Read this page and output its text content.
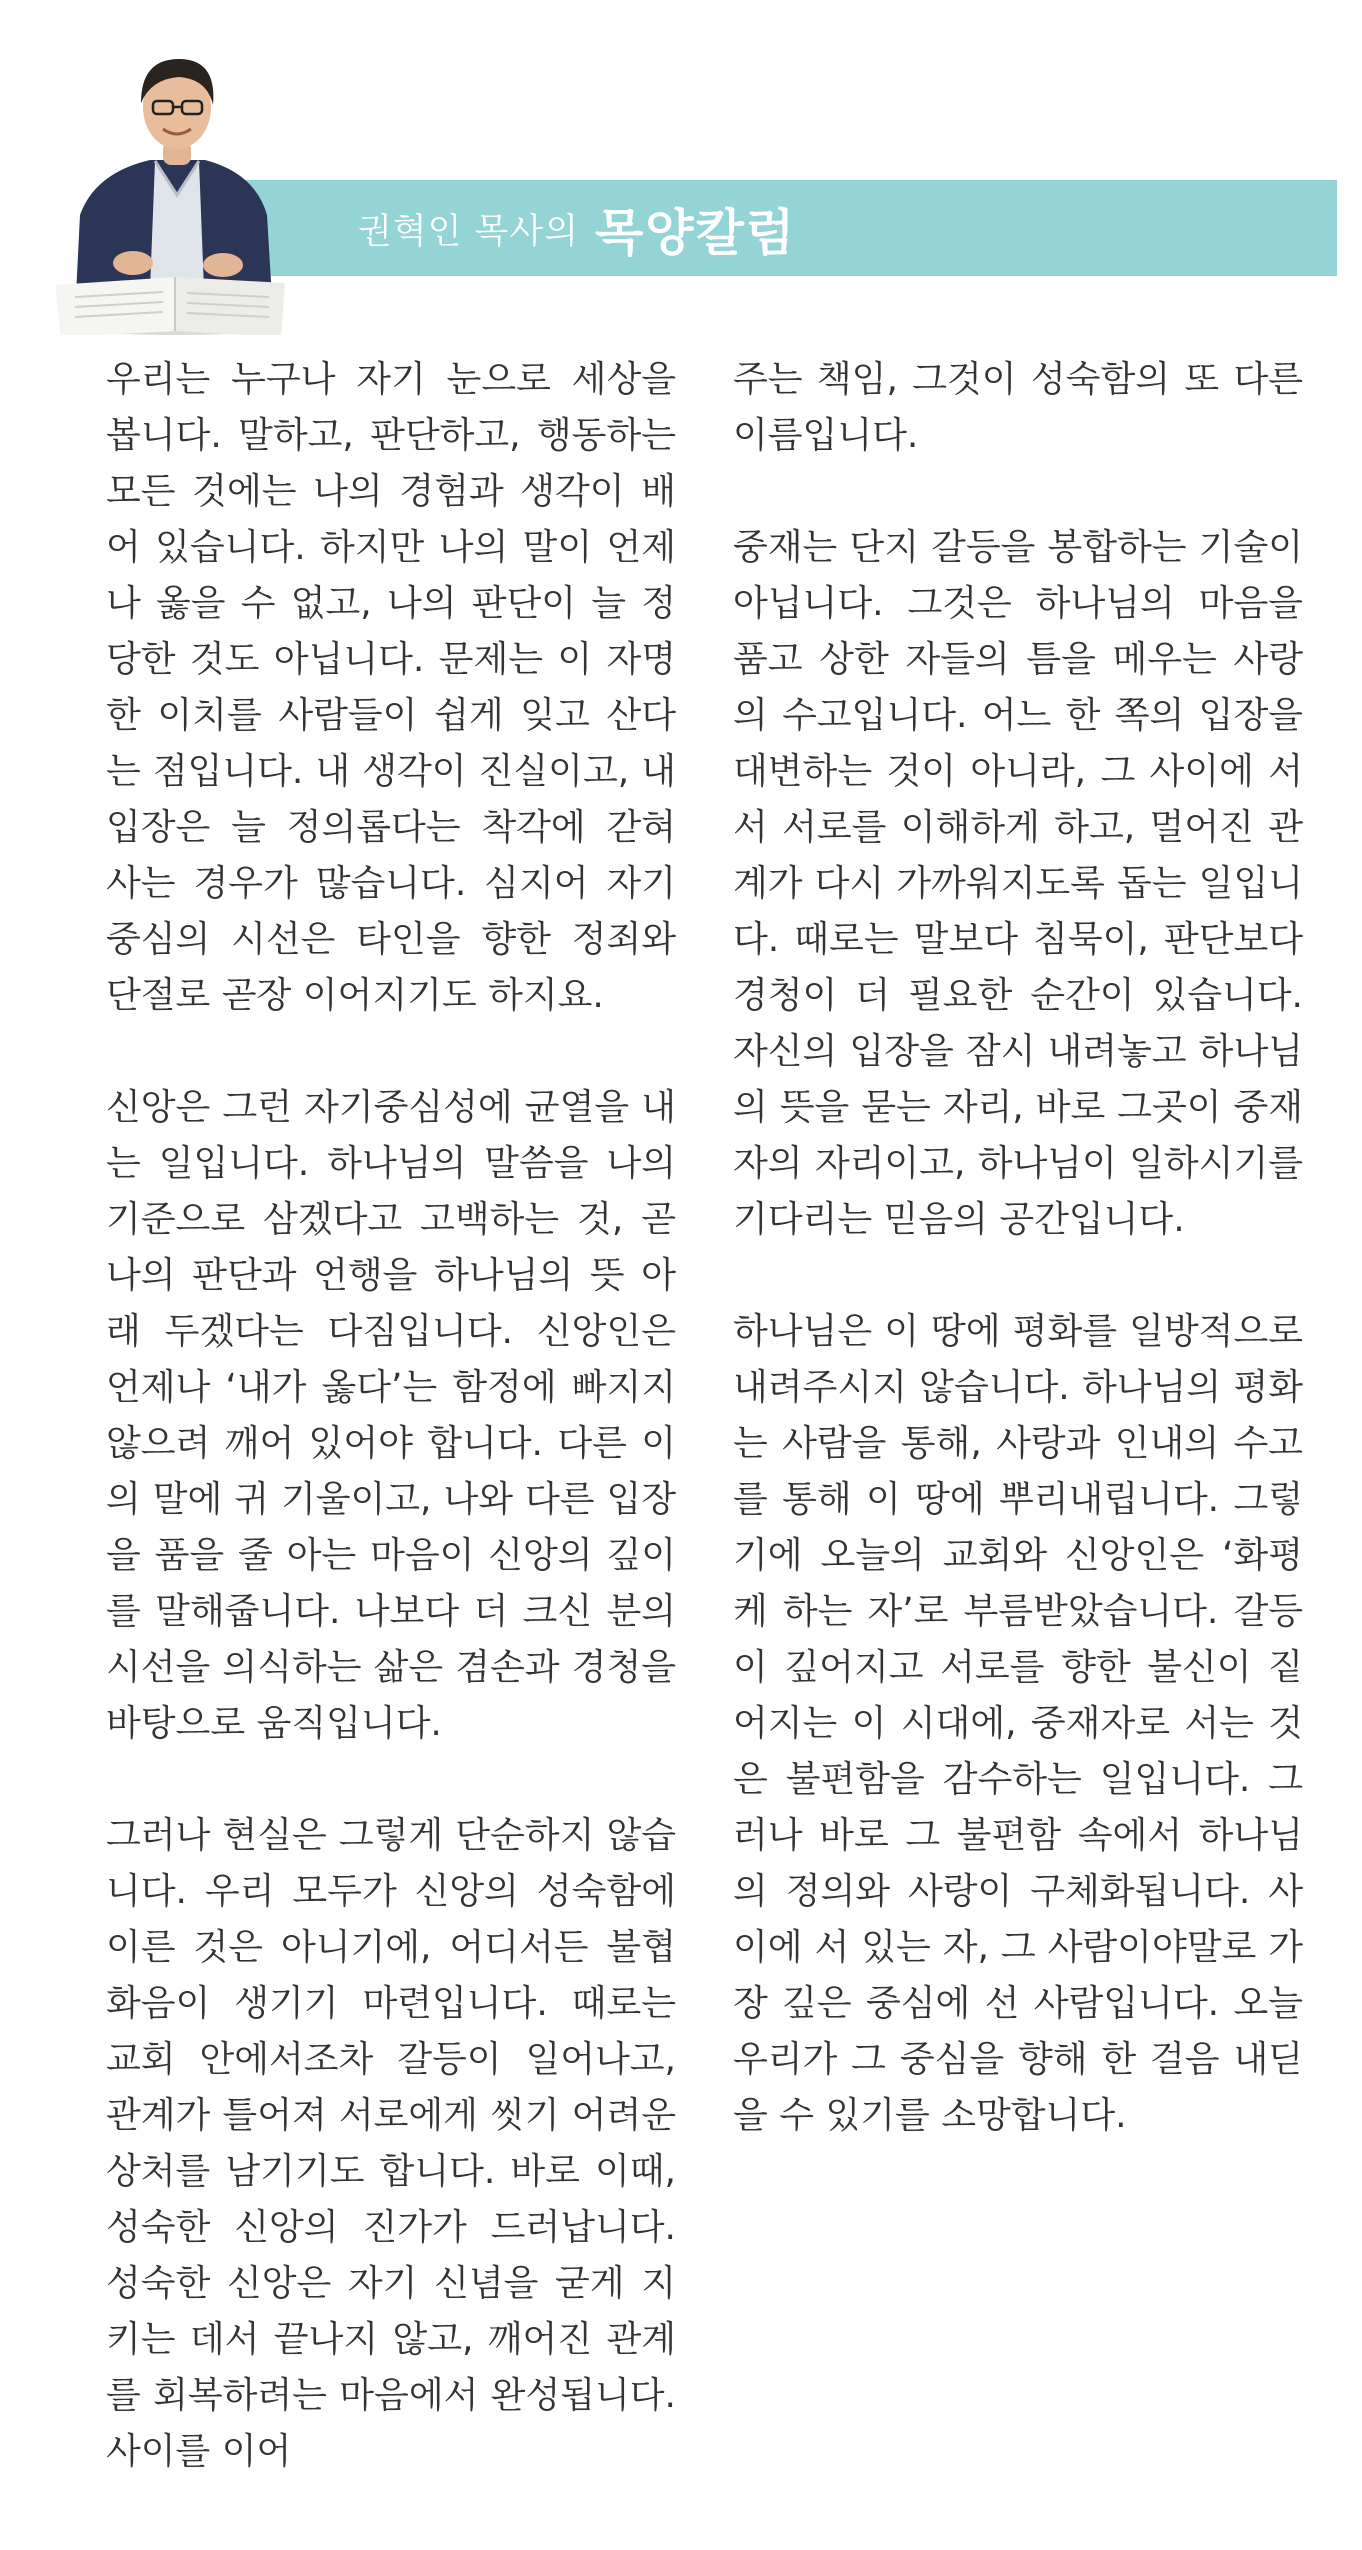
권혁인 목사의 목양칼럼

우리는 누구나 자기 눈으로 세상을 봅니다. 말하고, 판단하고, 행동하는 모든 것에는 나의 경험과 생각이 배어 있습니다. 하지만 나의 말이 언제나 옳을 수 없고, 나의 판단이 늘 정당한 것도 아닙니다. 문제는 이 자명한 이치를 사람들이 쉽게 잊고 산다는 점입니다. 내 생각이 진실이고, 내 입장은 늘 정의롭다는 착각에 갇혀 사는 경우가 많습니다. 심지어 자기중심의 시선은 타인을 향한 정죄와 단절로 곧장 이어지기도 하지요.

신앙은 그런 자기중심성에 균열을 내는 일입니다. 하나님의 말씀을 나의 기준으로 삼겠다고 고백하는 것, 곧 나의 판단과 언행을 하나님의 뜻 아래 두겠다는 다짐입니다. 신앙인은 언제나 ‘내가 옳다’는 함정에 빠지지 않으려 깨어 있어야 합니다. 다른 이의 말에 귀 기울이고, 나와 다른 입장을 품을 줄 아는 마음이 신앙의 깊이를 말해줍니다. 나보다 더 크신 분의 시선을 의식하는 삶은 겸손과 경청을 바탕으로 움직입니다.

그러나 현실은 그렇게 단순하지 않습니다. 우리 모두가 신앙의 성숙함에 이른 것은 아니기에, 어디서든 불협화음이 생기기 마련입니다. 때로는 교회 안에서조차 갈등이 일어나고, 관계가 틀어져 서로에게 씻기 어려운 상처를 남기기도 합니다. 바로 이때, 성숙한 신앙의 진가가 드러납니다. 성숙한 신앙은 자기 신념을 굳게 지키는 데서 끝나지 않고, 깨어진 관계를 회복하려는 마음에서 완성됩니다. 사이를 이어

주는 책임, 그것이 성숙함의 또 다른 이름입니다.

중재는 단지 갈등을 봉합하는 기술이 아닙니다. 그것은 하나님의 마음을 품고 상한 자들의 틈을 메우는 사랑의 수고입니다. 어느 한 쪽의 입장을 대변하는 것이 아니라, 그 사이에 서서 서로를 이해하게 하고, 멀어진 관계가 다시 가까워지도록 돕는 일입니다. 때로는 말보다 침묵이, 판단보다 경청이 더 필요한 순간이 있습니다. 자신의 입장을 잠시 내려놓고 하나님의 뜻을 묻는 자리, 바로 그곳이 중재자의 자리이고, 하나님이 일하시기를 기다리는 믿음의 공간입니다.

하나님은 이 땅에 평화를 일방적으로 내려주시지 않습니다. 하나님의 평화는 사람을 통해, 사랑과 인내의 수고를 통해 이 땅에 뿌리내립니다. 그렇기에 오늘의 교회와 신앙인은 ‘화평케 하는 자’로 부름받았습니다. 갈등이 깊어지고 서로를 향한 불신이 짙어지는 이 시대에, 중재자로 서는 것은 불편함을 감수하는 일입니다. 그러나 바로 그 불편함 속에서 하나님의 정의와 사랑이 구체화됩니다. 사이에 서 있는 자, 그 사람이야말로 가장 깊은 중심에 선 사람입니다. 오늘 우리가 그 중심을 향해 한 걸음 내딛을 수 있기를 소망합니다.
